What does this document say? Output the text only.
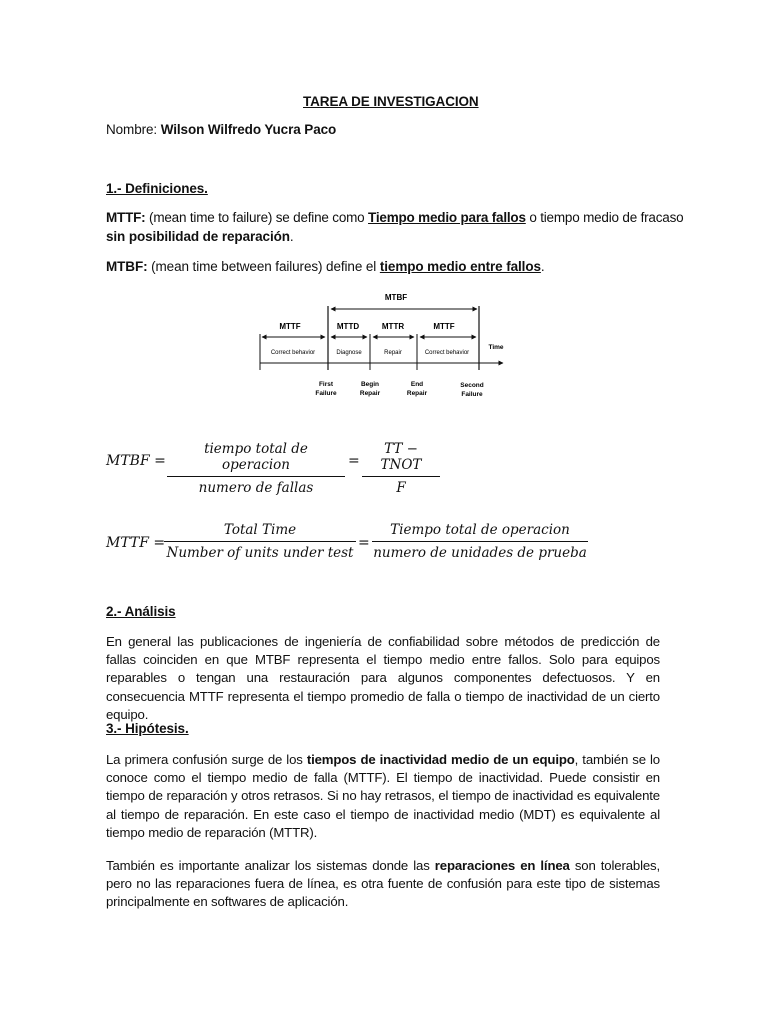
TAREA DE INVESTIGACION
Nombre: Wilson Wilfredo Yucra Paco
1.- Definiciones.
MTTF: (mean time to failure) se define como Tiempo medio para fallos o tiempo medio de fracaso
sin posibilidad de reparación.
MTBF: (mean time between failures) define el tiempo medio entre fallos.
MTBF
MTTF	MTTD	MTTR	MTTF
Correct behavior	Diagnose	Repair	Correct behavior
Time
First
Failure
Begin
Repair
End
Repair
Second
Failure
MTBF =
tiempo total de operacion
numero de fallas
=
TT − TNOT
F
MTTF =
Total Time
Number of units under test
=
Tiempo total de operacion
numero de unidades de prueba
2.- Análisis
En general las publicaciones de ingeniería de confiabilidad sobre métodos de predicción de fallas coinciden en que MTBF representa el tiempo medio entre fallos. Solo para equipos reparables o tengan una restauración para algunos componentes defectuosos. Y en consecuencia MTTF representa el tiempo promedio de falla o tiempo de inactividad de un cierto equipo.
3.- Hipótesis.
La primera confusión surge de los tiempos de inactividad medio de un equipo, también se lo conoce como el tiempo medio de falla (MTTF). El tiempo de inactividad. Puede consistir en tiempo de reparación y otros retrasos. Si no hay retrasos, el tiempo de inactividad es equivalente al tiempo de reparación. En este caso el tiempo de inactividad medio (MDT) es equivalente al tiempo medio de reparación (MTTR).
También es importante analizar los sistemas donde las reparaciones en línea son tolerables, pero no las reparaciones fuera de línea, es otra fuente de confusión para este tipo de sistemas principalmente en softwares de aplicación.
